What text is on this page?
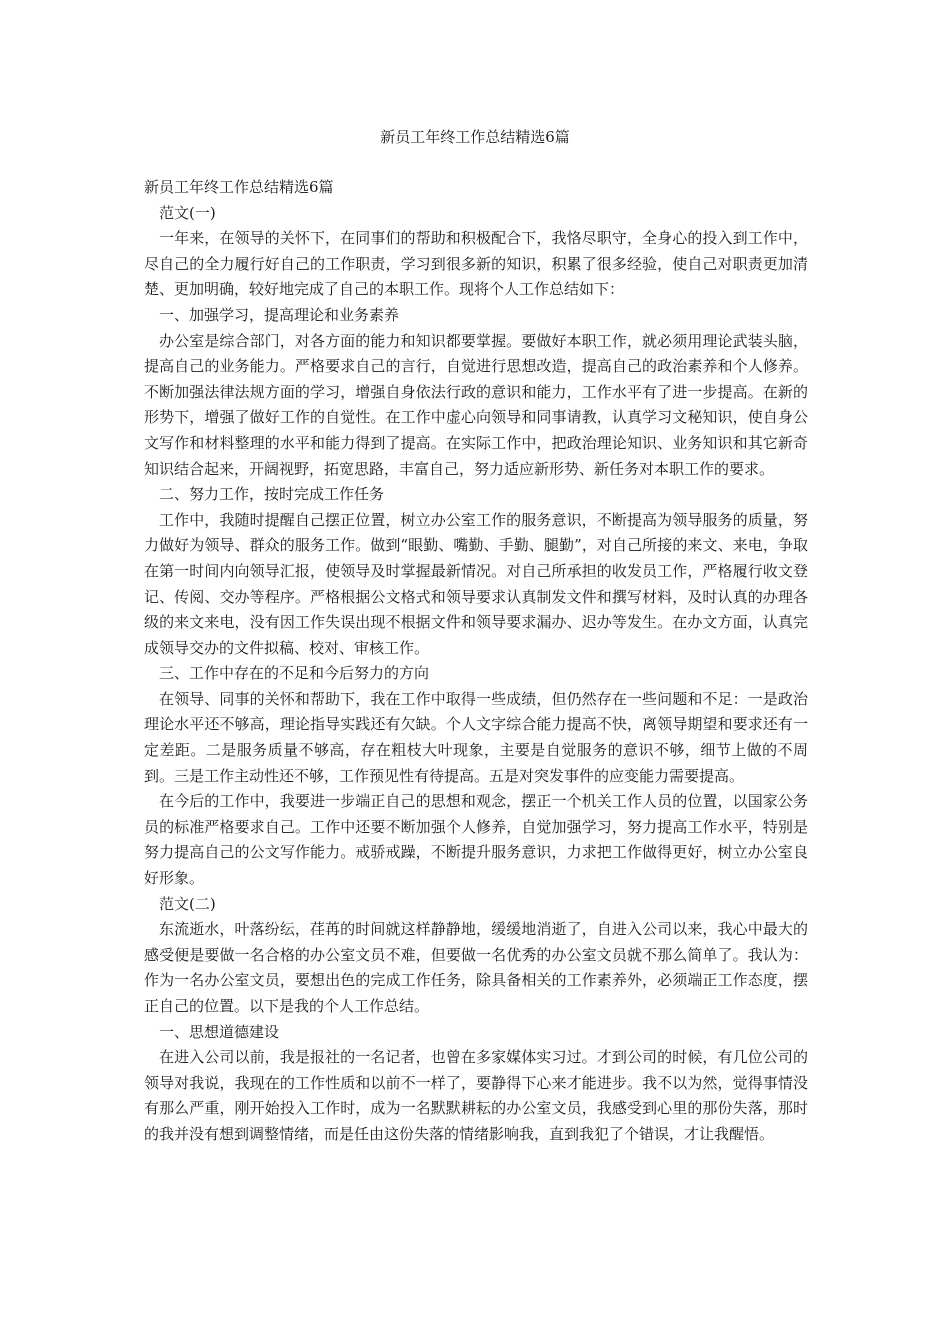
新员工年终工作总结精选6篇

新员工年终工作总结精选6篇

范文(一)

一年来，在领导的关怀下，在同事们的帮助和积极配合下，我恪尽职守，全身心的投入到工作中，尽自己的全力履行好自己的工作职责，学习到很多新的知识，积累了很多经验，使自己对职责更加清楚、更加明确，较好地完成了自己的本职工作。现将个人工作总结如下：

一、加强学习，提高理论和业务素养

办公室是综合部门，对各方面的能力和知识都要掌握。要做好本职工作，就必须用理论武装头脑，提高自己的业务能力。严格要求自己的言行，自觉进行思想改造，提高自己的政治素养和个人修养。不断加强法律法规方面的学习，增强自身依法行政的意识和能力，工作水平有了进一步提高。在新的形势下，增强了做好工作的自觉性。在工作中虚心向领导和同事请教，认真学习文秘知识，使自身公文写作和材料整理的水平和能力得到了提高。在实际工作中，把政治理论知识、业务知识和其它新奇知识结合起来，开阔视野，拓宽思路，丰富自己，努力适应新形势、新任务对本职工作的要求。

二、努力工作，按时完成工作任务

工作中，我随时提醒自己摆正位置，树立办公室工作的服务意识，不断提高为领导服务的质量，努力做好为领导、群众的服务工作。做到“眼勤、嘴勤、手勤、腿勤”，对自己所接的来文、来电，争取在第一时间内向领导汇报，使领导及时掌握最新情况。对自己所承担的收发员工作，严格履行收文登记、传阅、交办等程序。严格根据公文格式和领导要求认真制发文件和撰写材料，及时认真的办理各级的来文来电，没有因工作失误出现不根据文件和领导要求漏办、迟办等发生。在办文方面，认真完成领导交办的文件拟稿、校对、审核工作。

三、工作中存在的不足和今后努力的方向

在领导、同事的关怀和帮助下，我在工作中取得一些成绩，但仍然存在一些问题和不足：一是政治理论水平还不够高，理论指导实践还有欠缺。个人文字综合能力提高不快，离领导期望和要求还有一定差距。二是服务质量不够高，存在粗枝大叶现象，主要是自觉服务的意识不够，细节上做的不周到。三是工作主动性还不够，工作预见性有待提高。五是对突发事件的应变能力需要提高。

在今后的工作中，我要进一步端正自己的思想和观念，摆正一个机关工作人员的位置，以国家公务员的标准严格要求自己。工作中还要不断加强个人修养，自觉加强学习，努力提高工作水平，特别是努力提高自己的公文写作能力。戒骄戒躁，不断提升服务意识，力求把工作做得更好，树立办公室良好形象。

范文(二)

东流逝水，叶落纷纭，荏苒的时间就这样静静地，缓缓地消逝了，自进入公司以来，我心中最大的感受便是要做一名合格的办公室文员不难，但要做一名优秀的办公室文员就不那么简单了。我认为：作为一名办公室文员，要想出色的完成工作任务，除具备相关的工作素养外，必须端正工作态度，摆正自己的位置。以下是我的个人工作总结。

一、思想道德建设

在进入公司以前，我是报社的一名记者，也曾在多家媒体实习过。才到公司的时候，有几位公司的领导对我说，我现在的工作性质和以前不一样了，要静得下心来才能进步。我不以为然，觉得事情没有那么严重，刚开始投入工作时，成为一名默默耕耘的办公室文员，我感受到心里的那份失落，那时的我并没有想到调整情绪，而是任由这份失落的情绪影响我，直到我犯了个错误，才让我醒悟。
